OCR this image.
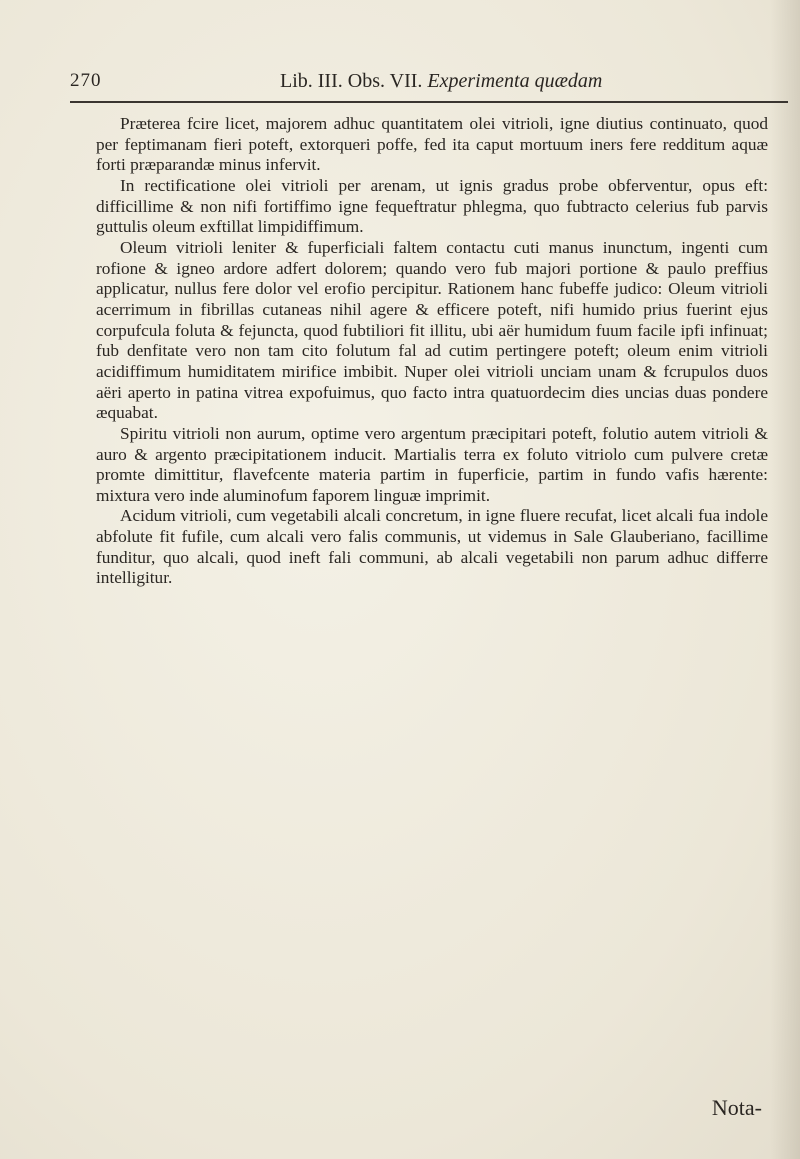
270	Lib. III. Obs. VII. Experimenta quædam

Præterea fcire licet, majorem adhuc quantitatem olei vitrioli, igne diutius continuato, quod per feptimanam fieri poteft, extorqueri poffe, fed ita caput mortuum iners fere redditum aquæ forti præparandæ minus infervit.

In rectificatione olei vitrioli per arenam, ut ignis gradus probe obferventur, opus eft: difficillime & non nifi fortiffimo igne fequeftratur phlegma, quo fubtracto celerius fub parvis guttulis oleum exftillat limpidiffimum.

Oleum vitrioli leniter & fuperficiali faltem contactu cuti manus inunctum, ingenti cum rofione & igneo ardore adfert dolorem; quando vero fub majori portione & paulo preffius applicatur, nullus fere dolor vel erofio percipitur. Rationem hanc fubeffe judico: Oleum vitrioli acerrimum in fibrillas cutaneas nihil agere & efficere poteft, nifi humido prius fuerint ejus corpufcula foluta & fejuncta, quod fubtiliori fit illitu, ubi aër humidum fuum facile ipfi infinuat; fub denfitate vero non tam cito folutum fal ad cutim pertingere poteft; oleum enim vitrioli acidiffimum humiditatem mirifice imbibit. Nuper olei vitrioli unciam unam & fcrupulos duos aëri aperto in patina vitrea expofuimus, quo facto intra quatuordecim dies uncias duas pondere æquabat.

Spiritu vitrioli non aurum, optime vero argentum præcipitari poteft, folutio autem vitrioli & auro & argento præcipitationem inducit. Martialis terra ex foluto vitriolo cum pulvere cretæ promte dimittitur, flavefcente materia partim in fuperficie, partim in fundo vafis hærente: mixtura vero inde aluminofum faporem linguæ imprimit.

Acidum vitrioli, cum vegetabili alcali concretum, in igne fluere recufat, licet alcali fua indole abfolute fit fufile, cum alcali vero falis communis, ut videmus in Sale Glauberiano, facillime funditur, quo alcali, quod ineft fali communi, ab alcali vegetabili non parum adhuc differre intelligitur.

Nota-
